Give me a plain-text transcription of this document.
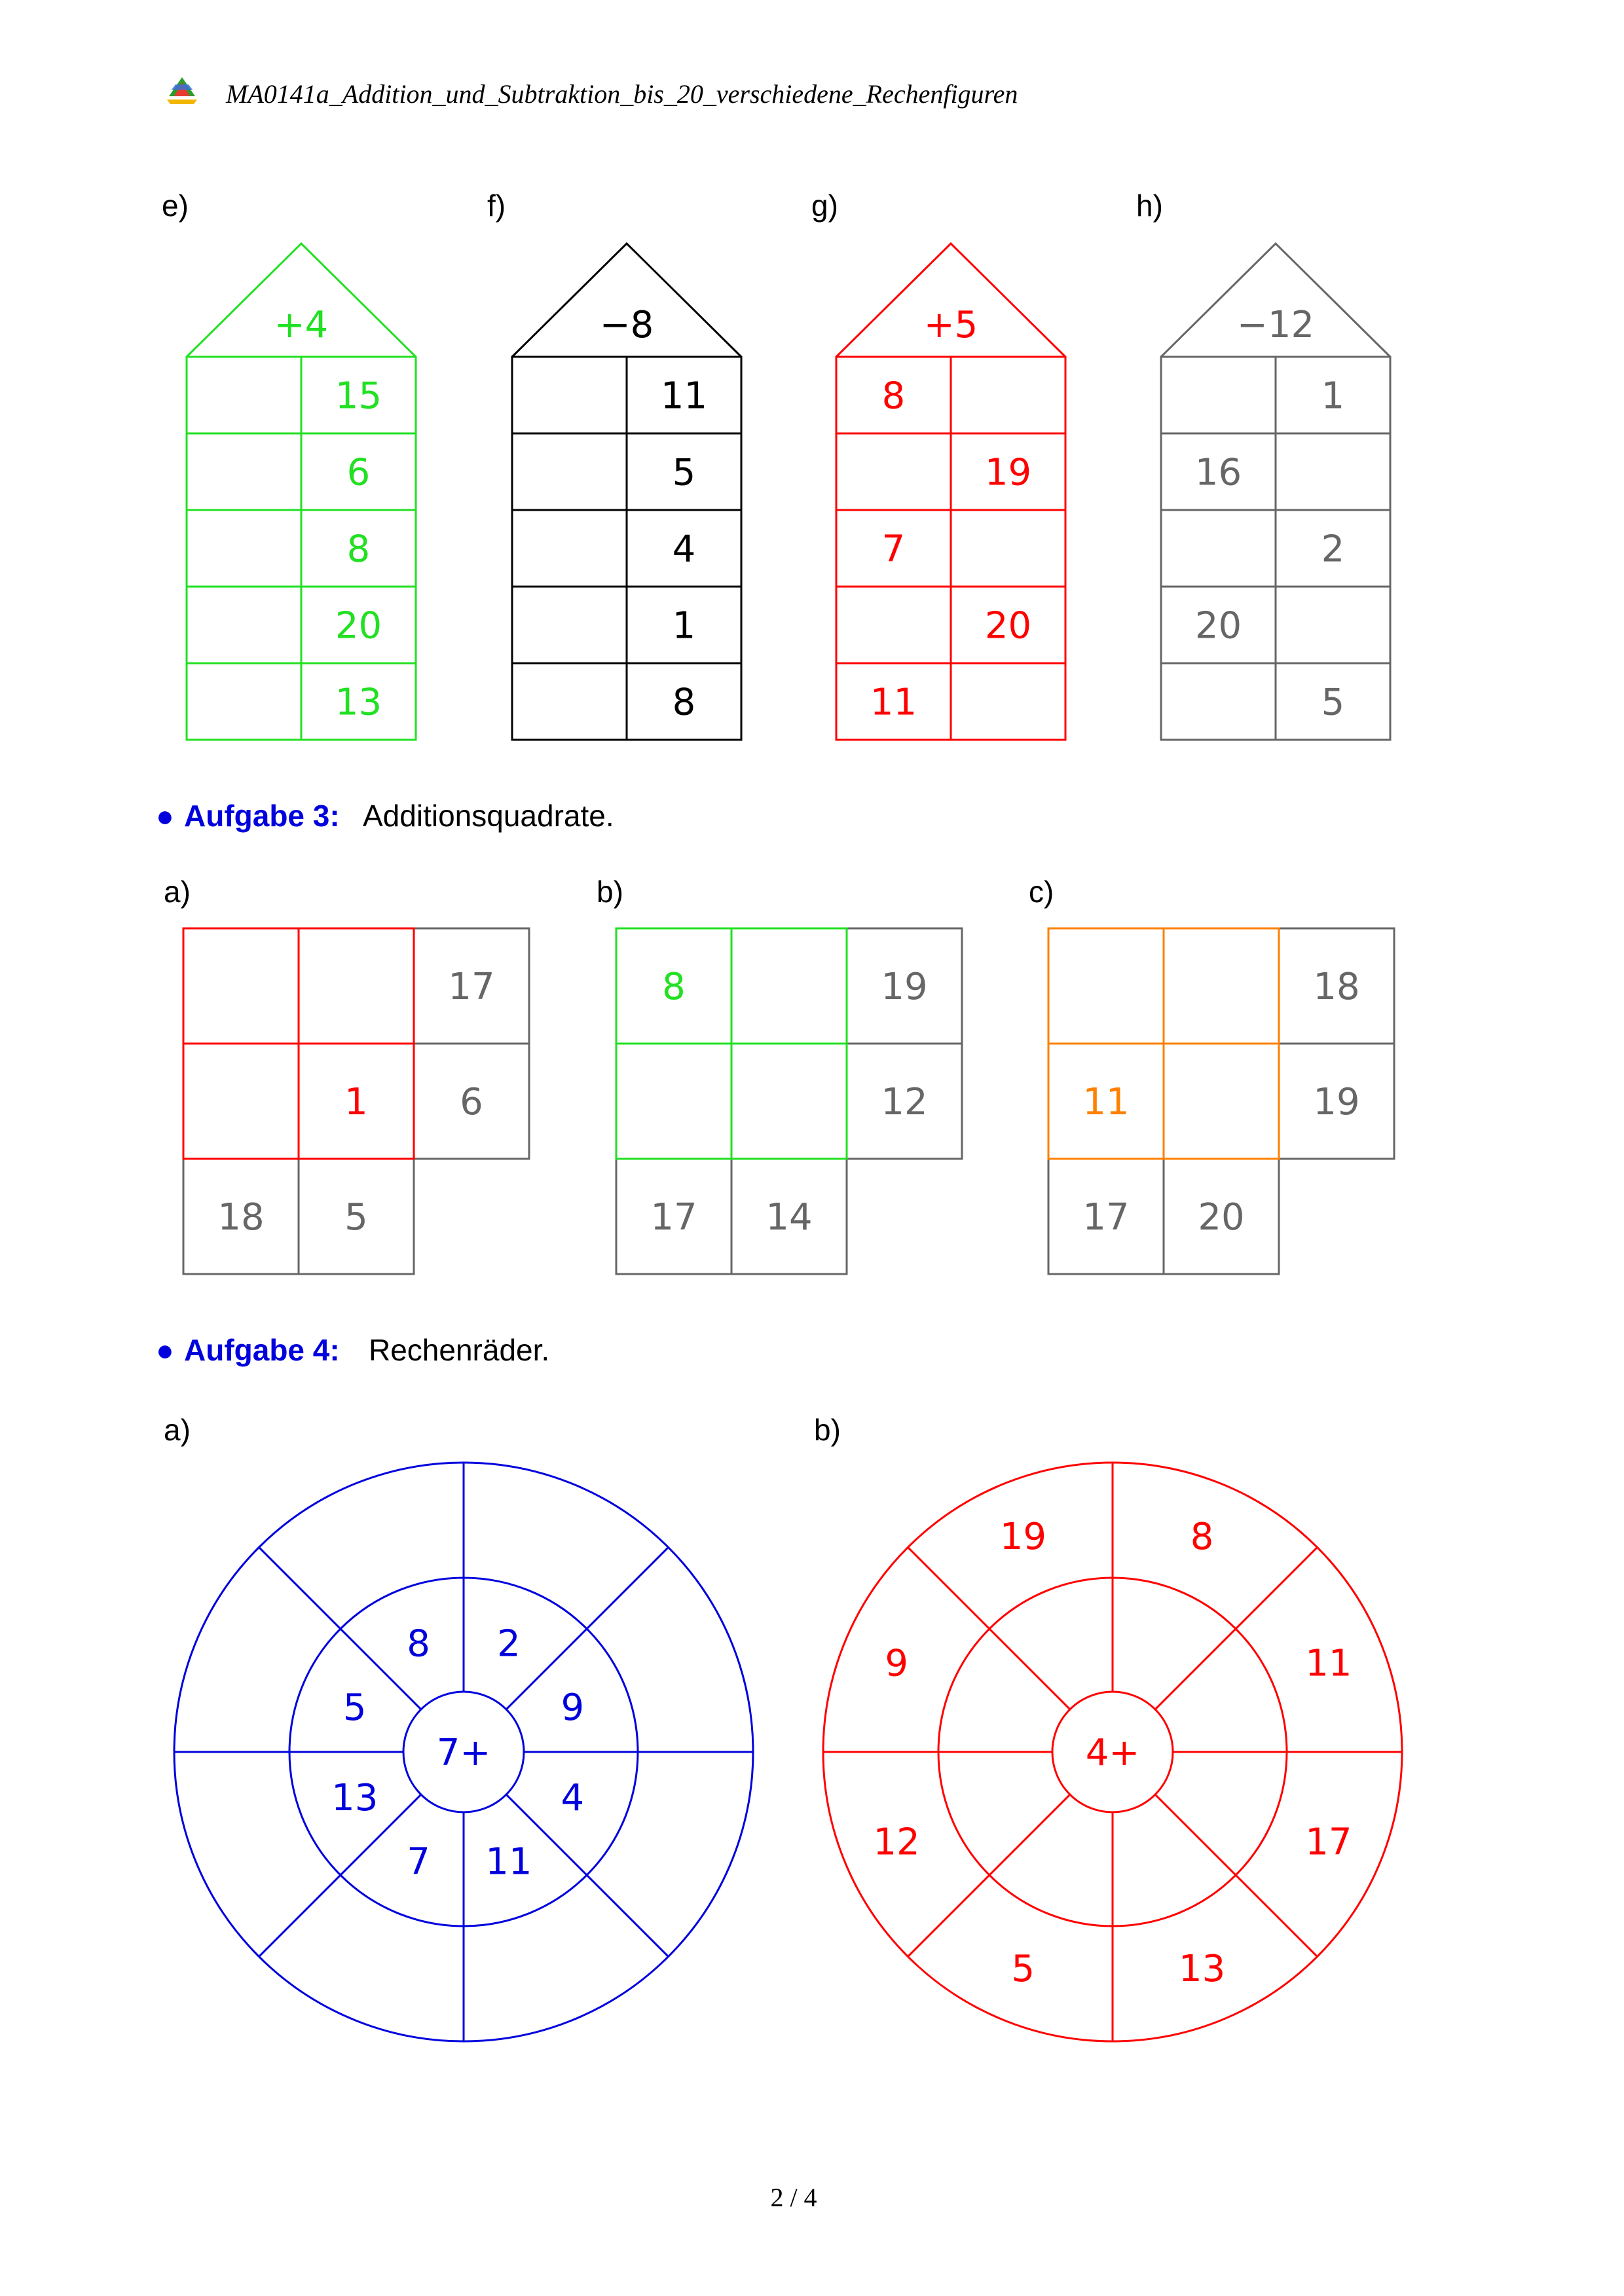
MA0141a_Addition_und_Subtraktion_bis_20_verschiedene_Rechenfiguren
e)
+4
15
6
8
20
13
f)
−8
11
5
4
1
8
g)
+5
8
19
7
20
11
h)
−12
1
16
2
20
5
● Aufgabe 3: Additionsquadrate.
a)
17
6
18 5
1
b)
19
12
17 14
8
c)
18
19
17 20
11
● Aufgabe 4: Rechenräder.
a)
7+
2
9
4
11
7
13
5
8
b)
4+
8
11
17
13
5
12
9
19
2 / 4
